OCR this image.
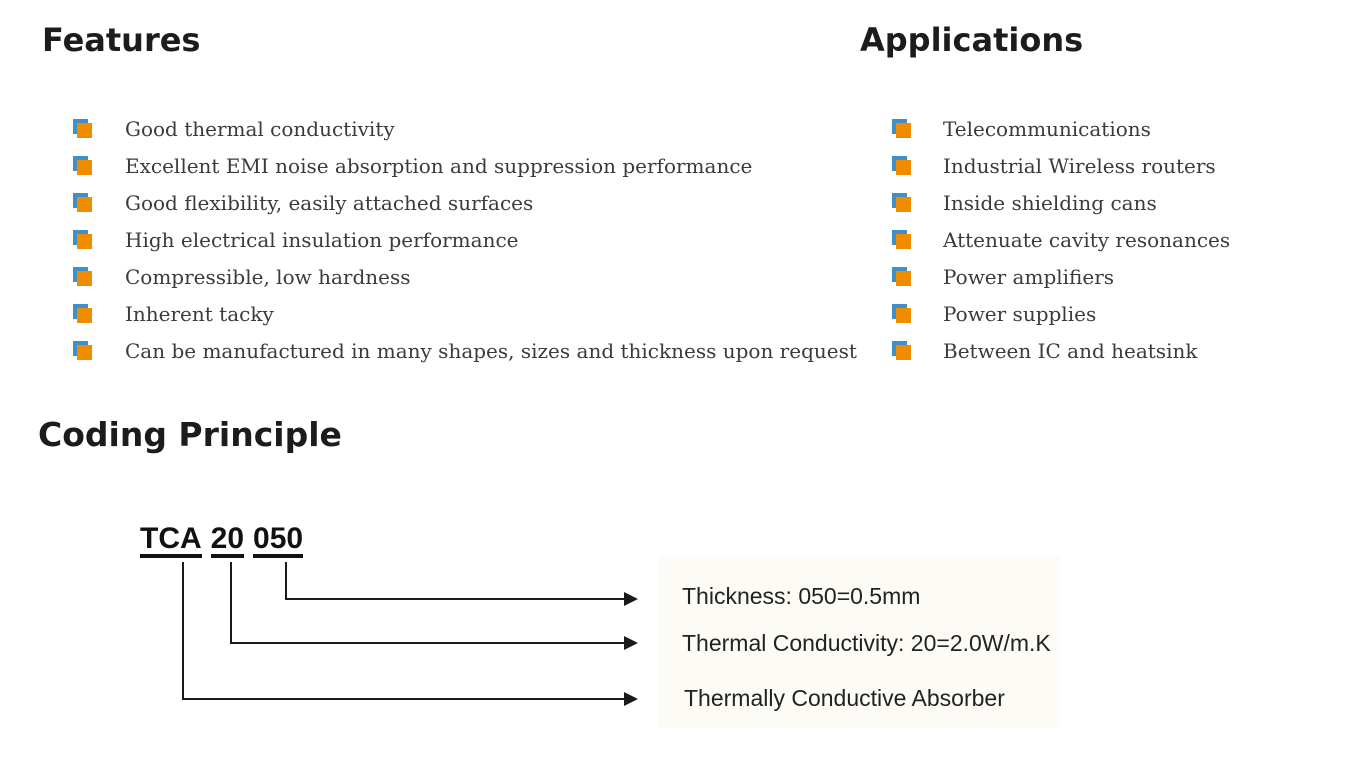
Features	Applications
Good thermal conductivity
Excellent EMI noise absorption and suppression performance
Good flexibility, easily attached surfaces
High electrical insulation performance
Compressible, low hardness
Inherent tacky
Can be manufactured in many shapes, sizes and thickness upon request
Telecommunications
Industrial Wireless routers
Inside shielding cans
Attenuate cavity resonances
Power amplifiers
Power supplies
Between IC and heatsink
Coding Principle
TCA 20 050
Thickness: 050=0.5mm
Thermal Conductivity: 20=2.0W/m.K
Thermally Conductive Absorber
